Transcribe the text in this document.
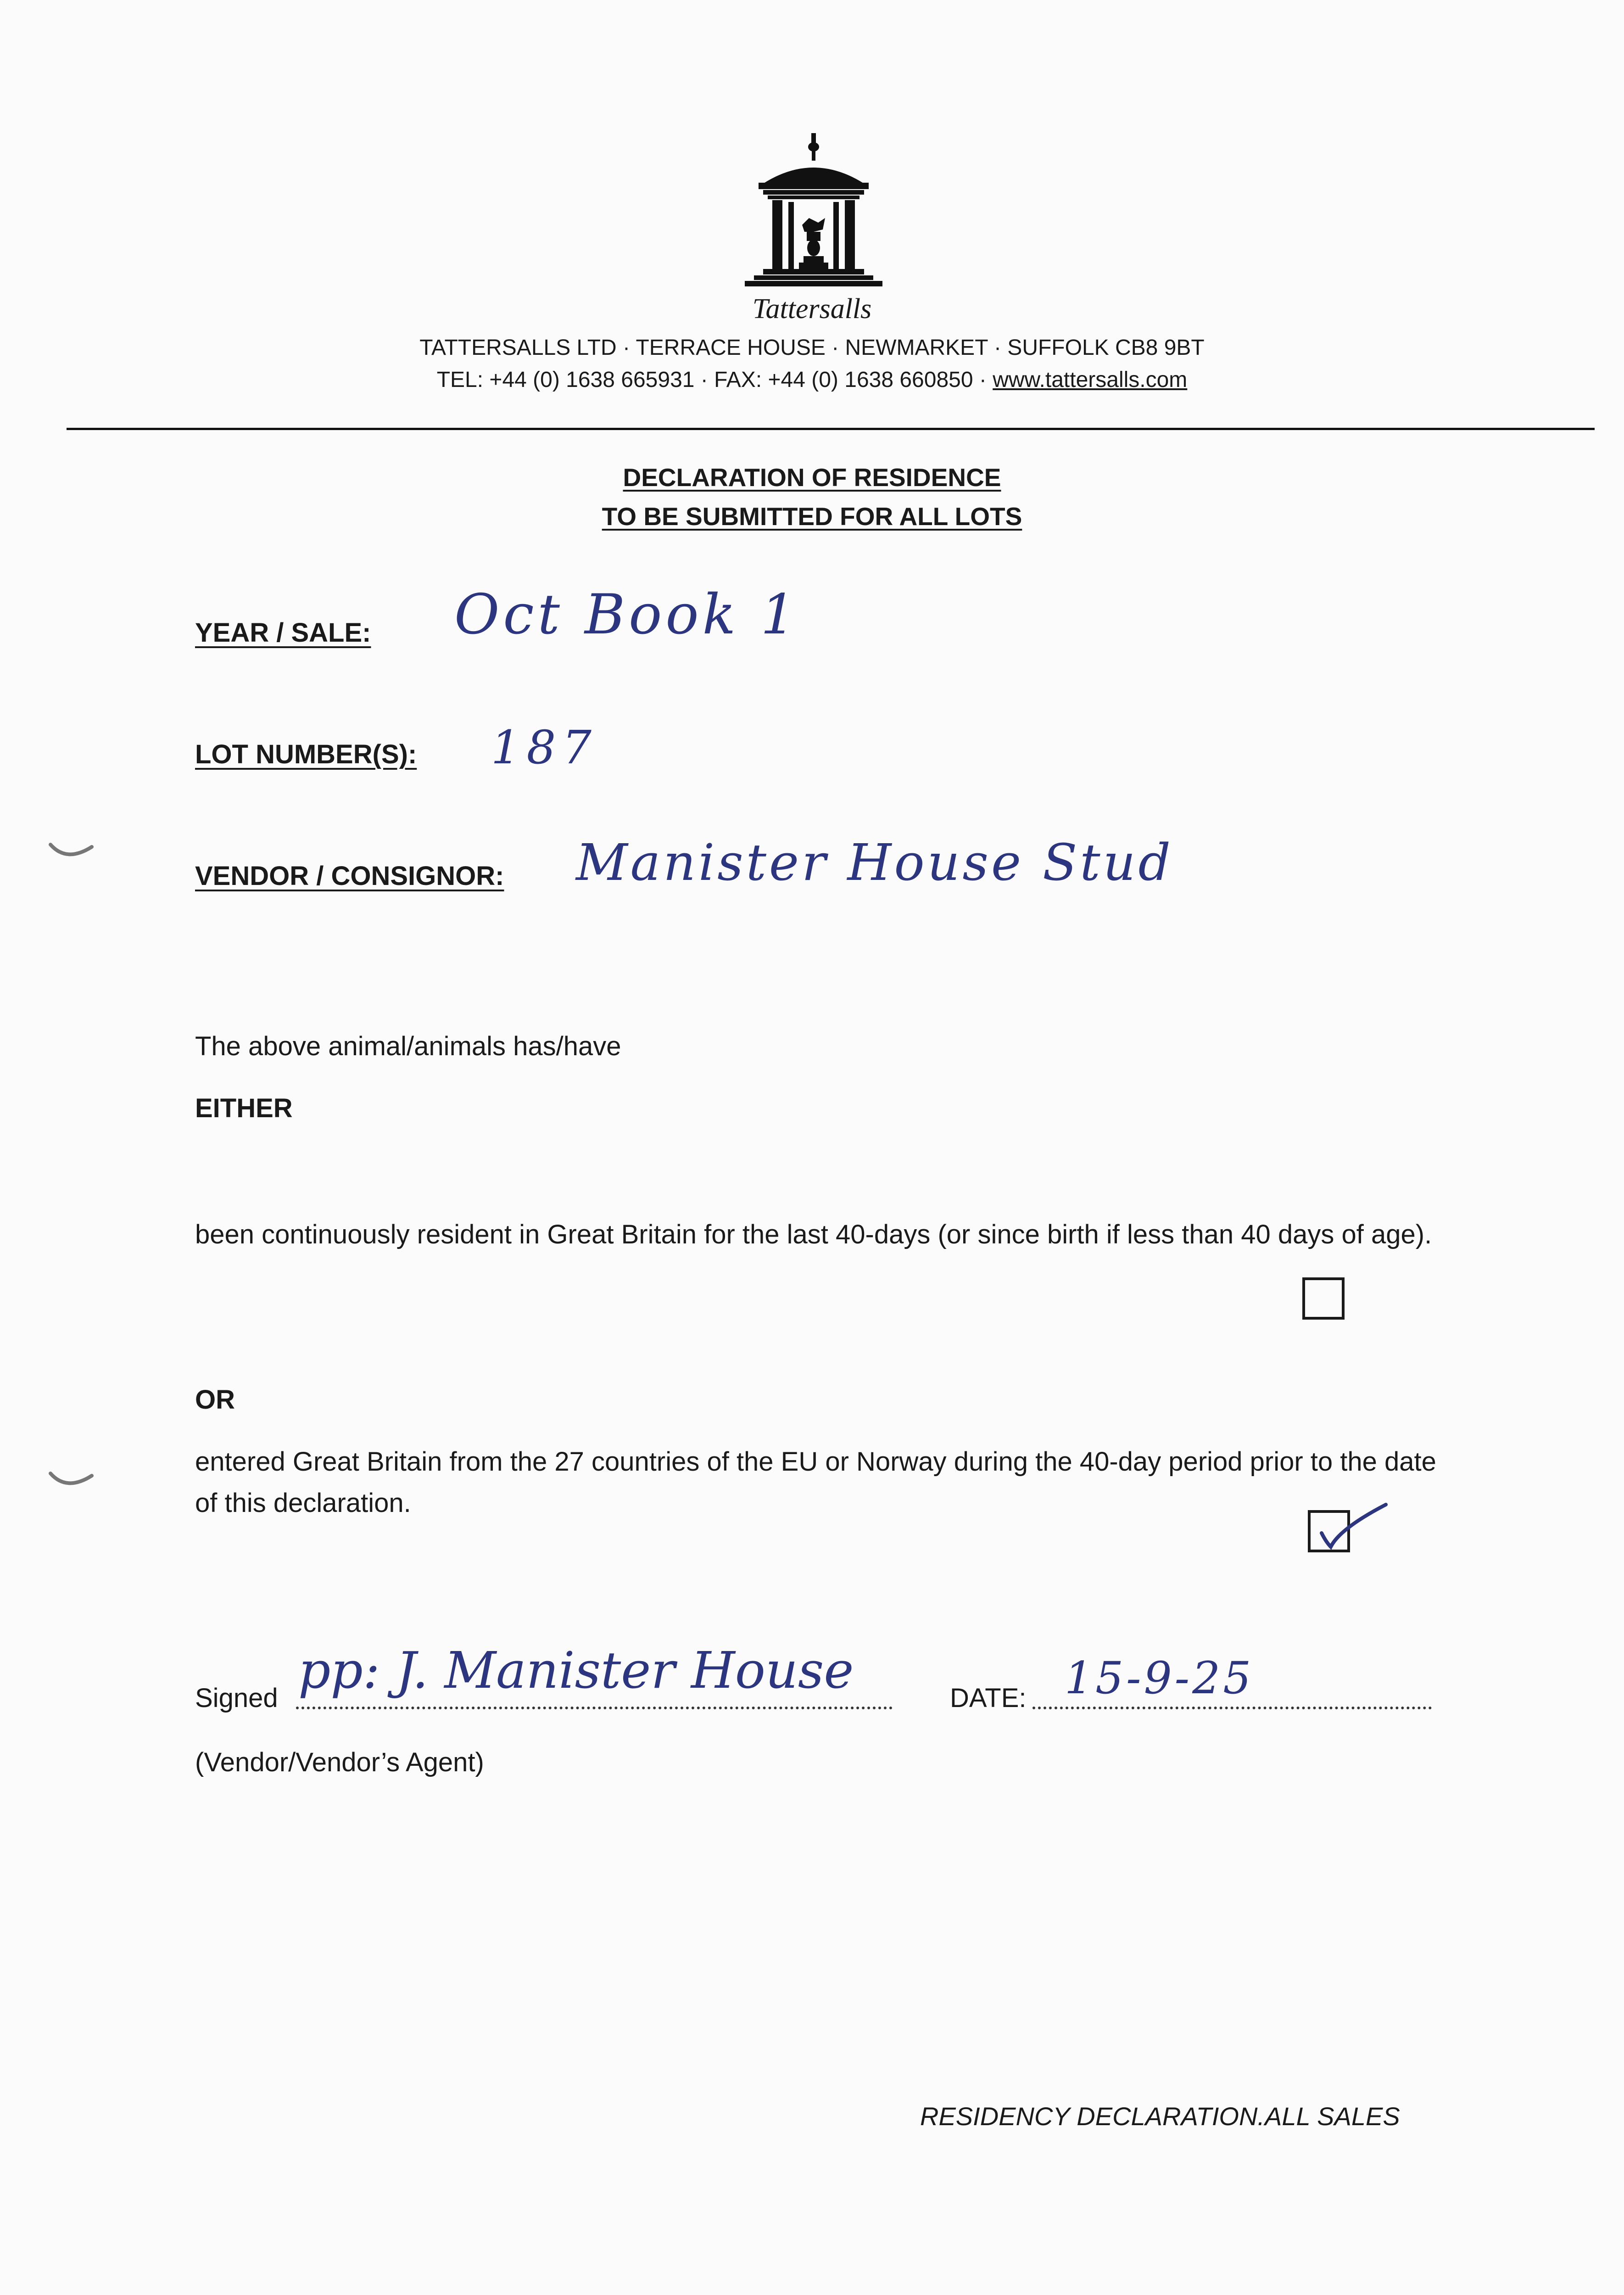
Tattersalls
TATTERSALLS LTD · TERRACE HOUSE · NEWMARKET · SUFFOLK CB8 9BT
TEL: +44 (0) 1638 665931 · FAX: +44 (0) 1638 660850 · www.tattersalls.com
DECLARATION OF RESIDENCE
TO BE SUBMITTED FOR ALL LOTS
YEAR / SALE: Oct Book 1
LOT NUMBER(S): 187
VENDOR / CONSIGNOR: Manister House Stud
The above animal/animals has/have
EITHER
been continuously resident in Great Britain for the last 40-days (or since birth if less than 40 days of age).
OR
entered Great Britain from the 27 countries of the EU or Norway during the 40-day period prior to the date of this declaration.
Signed pp: J. Manister House	DATE: 15-9-25
(Vendor/Vendor’s Agent)
RESIDENCY DECLARATION.ALL SALES
